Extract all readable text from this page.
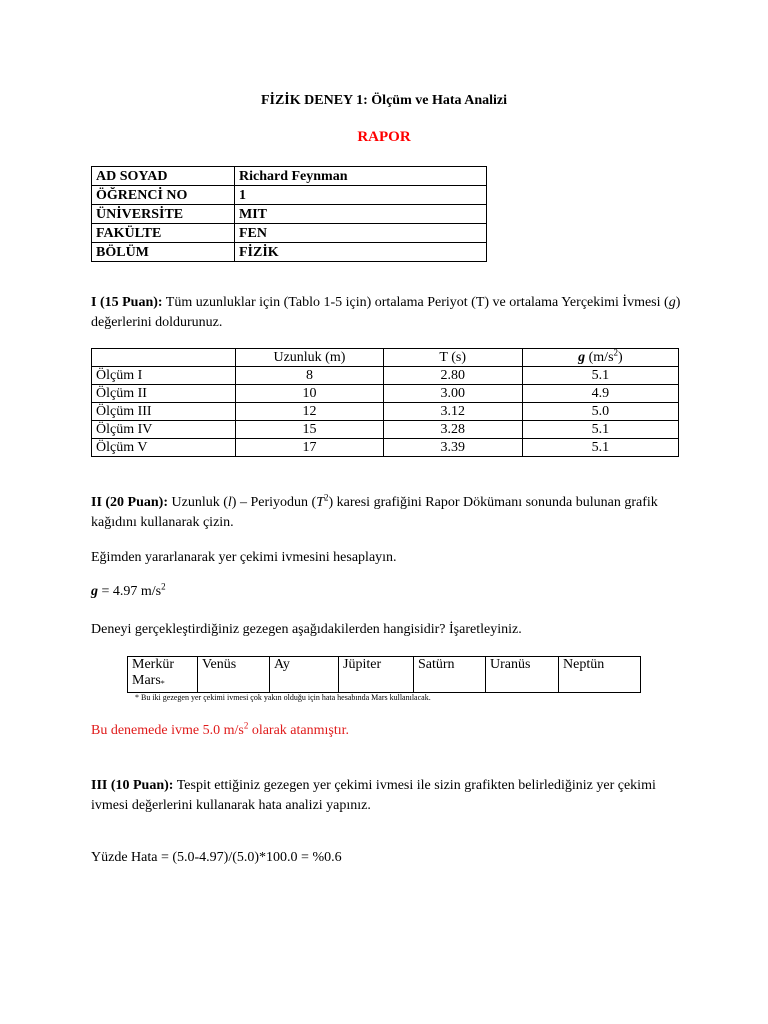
FİZİK DENEY 1: Ölçüm ve Hata Analizi
RAPOR
AD SOYAD	Richard Feynman
ÖĞRENCİ NO	1
ÜNİVERSİTE	MIT
FAKÜLTE	FEN
BÖLÜM	FİZİK
I (15 Puan): Tüm uzunluklar için (Tablo 1-5 için) ortalama Periyot (T) ve ortalama Yerçekimi İvmesi (g) değerlerini doldurunuz.
	Uzunluk (m)	T (s)	g $(m/s^2)$
Ölçüm I	8	2.80	5.1
Ölçüm II	10	3.00	4.9
Ölçüm III	12	3.12	5.0
Ölçüm IV	15	3.28	5.1
Ölçüm V	17	3.39	5.1
II (20 Puan): Uzunluk (l) – Periyodun $(T^2)$ karesi grafiğini Rapor Dökümanı sonunda bulunan grafik kağıdını kullanarak çizin.
Eğimden yararlanarak yer çekimi ivmesini hesaplayın.
g = 4.97 $m/s^2$
Deneyi gerçekleştirdiğiniz gezegen aşağıdakilerden hangisidir? İşaretleyiniz.
Merkür
Mars*	Venüs	Ay	Jüpiter	Satürn	Uranüs	Neptün
* Bu iki gezegen yer çekimi ivmesi çok yakın olduğu için hata hesabında Mars kullanılacak.
Bu denemede ivme 5.0 $m/s^2$ olarak atanmıştır.
III (10 Puan): Tespit ettiğiniz gezegen yer çekimi ivmesi ile sizin grafikten belirlediğiniz yer çekimi ivmesi değerlerini kullanarak hata analizi yapınız.
Yüzde Hata = (5.0-4.97)/(5.0)*100.0 = %0.6
